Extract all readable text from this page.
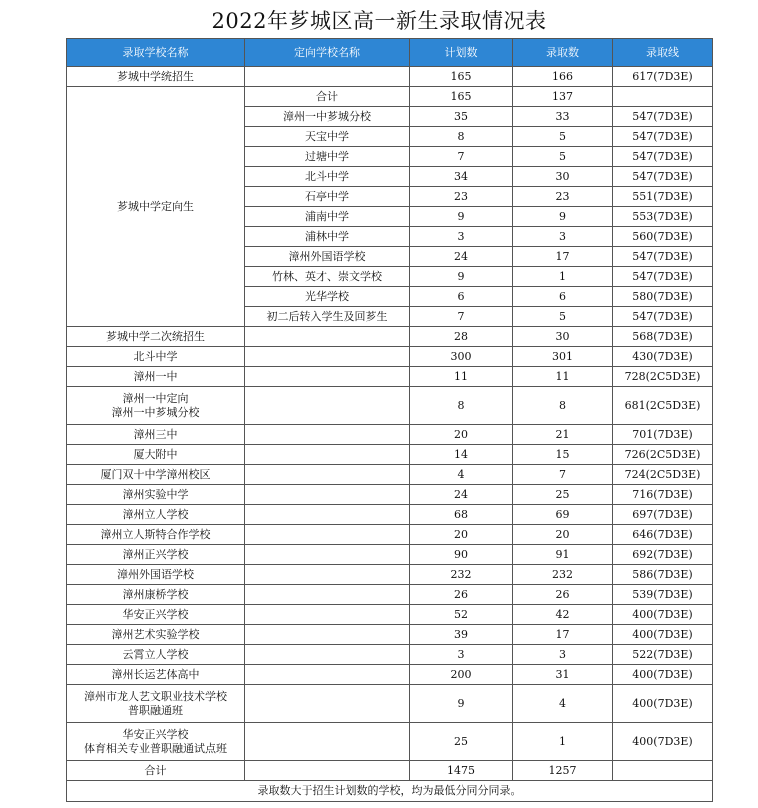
2022年芗城区高一新生录取情况表
录取学校名称	定向学校名称	计划数	录取数	录取线
芗城中学统招生		165	166	617(7D3E)
芗城中学定向生	合计	165	137	
	漳州一中芗城分校	35	33	547(7D3E)
	天宝中学	8	5	547(7D3E)
	过塘中学	7	5	547(7D3E)
	北斗中学	34	30	547(7D3E)
	石亭中学	23	23	551(7D3E)
	浦南中学	9	9	553(7D3E)
	浦林中学	3	3	560(7D3E)
	漳州外国语学校	24	17	547(7D3E)
	竹林、英才、崇文学校	9	1	547(7D3E)
	光华学校	6	6	580(7D3E)
	初二后转入学生及回芗生	7	5	547(7D3E)
芗城中学二次统招生		28	30	568(7D3E)
北斗中学		300	301	430(7D3E)
漳州一中		11	11	728(2C5D3E)

漳州一中定向
漳州一中芗城分校		8	8	681(2C5D3E)
漳州三中		20	21	701(7D3E)
厦大附中		14	15	726(2C5D3E)
厦门双十中学漳州校区		4	7	724(2C5D3E)
漳州实验中学		24	25	716(7D3E)
漳州立人学校		68	69	697(7D3E)
漳州立人斯特合作学校		20	20	646(7D3E)
漳州正兴学校		90	91	692(7D3E)
漳州外国语学校		232	232	586(7D3E)
漳州康桥学校		26	26	539(7D3E)
华安正兴学校		52	42	400(7D3E)
漳州艺术实验学校		39	17	400(7D3E)
云霄立人学校		3	3	522(7D3E)
漳州长运艺体高中		200	31	400(7D3E)

漳州市龙人艺文职业技术学校
普职融通班		9	4	400(7D3E)

华安正兴学校
体育相关专业普职融通试点班		25	1	400(7D3E)
合计		1475	1257	
录取数大于招生计划数的学校，均为最低分同分同录。				
